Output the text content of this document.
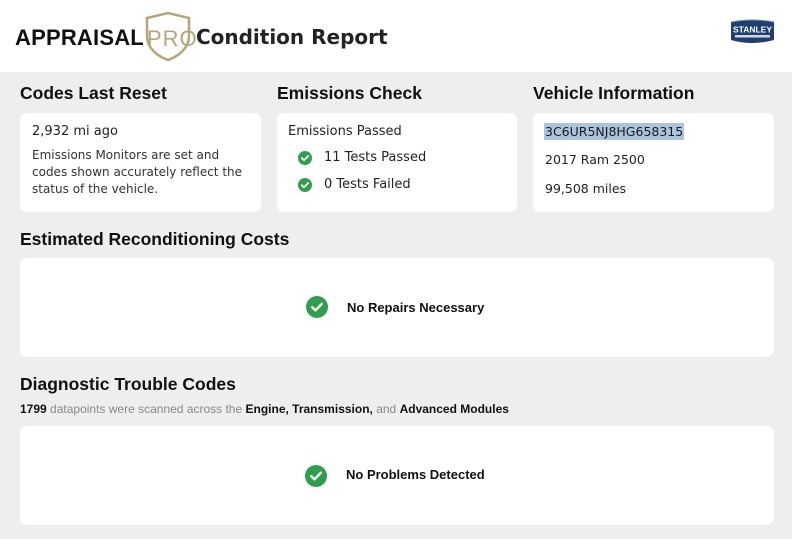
APPRAISAL PRO
Condition Report	STANLEY
Codes Last Reset
2,932 mi ago
Emissions Monitors are set and codes shown accurately reflect the status of the vehicle.
Emissions Check
Emissions Passed
11 Tests Passed
0 Tests Failed
Vehicle Information
3C6UR5NJ8HG658315
2017 Ram 2500
99,508 miles
Estimated Reconditioning Costs
No Repairs Necessary
Diagnostic Trouble Codes
1799 datapoints were scanned across the Engine, Transmission, and Advanced Modules
No Problems Detected
